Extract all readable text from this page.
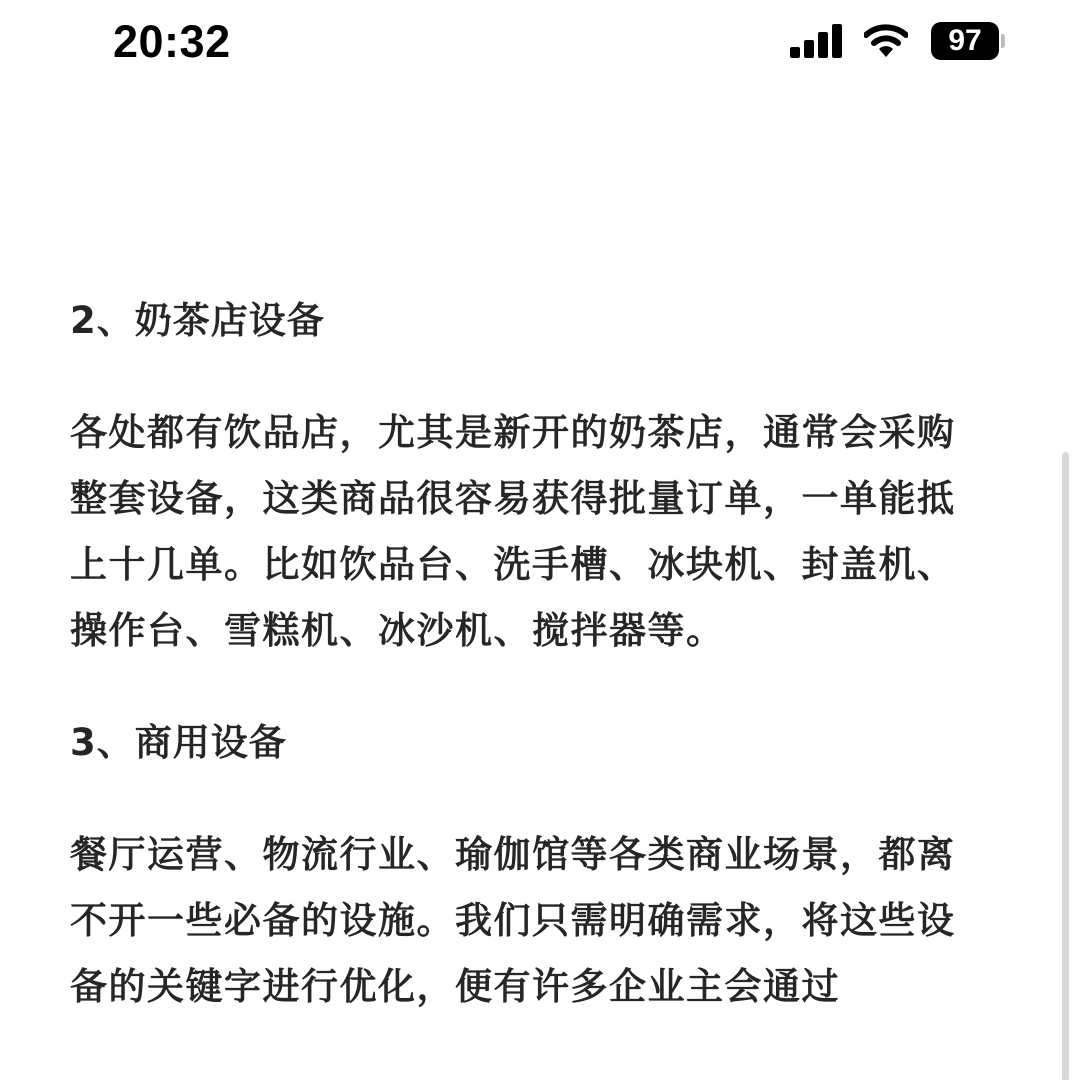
20:32	97

2、奶茶店设备

各处都有饮品店，尤其是新开的奶茶店，通常会采购整套设备，这类商品很容易获得批量订单，一单能抵上十几单。比如饮品台、洗手槽、冰块机、封盖机、操作台、雪糕机、冰沙机、搅拌器等。

3、商用设备

餐厅运营、物流行业、瑜伽馆等各类商业场景，都离不开一些必备的设施。我们只需明确需求，将这些设备的关键字进行优化，便有许多企业主会通过
